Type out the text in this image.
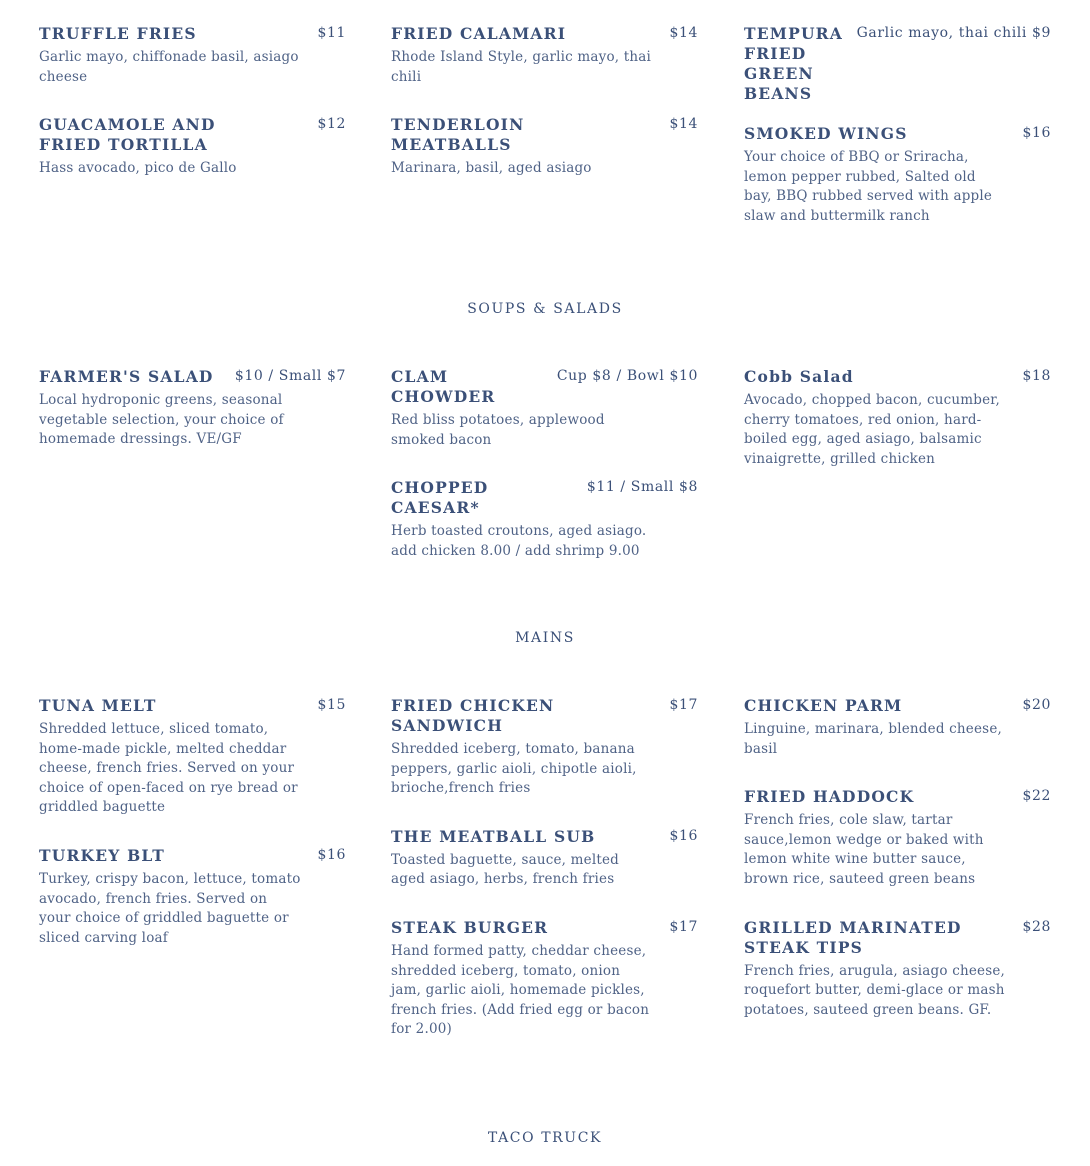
TRUFFLE FRIES	$11
Garlic mayo, chiffonade basil, asiago cheese
GUACAMOLE AND FRIED TORTILLA
$12
Hass avocado, pico de Gallo
FRIED CALAMARI	$14
Rhode Island Style, garlic mayo, thai chili
TENDERLOIN MEATBALLS
$14
Marinara, basil, aged asiago
TEMPURA FRIED GREEN BEANS
Garlic mayo, thai chili $9
SMOKED WINGS	$16
Your choice of BBQ or Sriracha, lemon pepper rubbed, Salted old bay, BBQ rubbed served with apple slaw and buttermilk ranch
SOUPS & SALADS
FARMER'S SALAD	$10 / Small $7
Local hydroponic greens, seasonal vegetable selection, your choice of homemade dressings. VE/GF
CLAM CHOWDER
Cup $8 / Bowl $10
Red bliss potatoes, applewood smoked bacon
CHOPPED CAESAR*
$11 / Small $8
Herb toasted croutons, aged asiago. add chicken 8.00 / add shrimp 9.00
Cobb Salad	$18
Avocado, chopped bacon, cucumber, cherry tomatoes, red onion, hard-boiled egg, aged asiago, balsamic vinaigrette, grilled chicken
MAINS
TUNA MELT	$15
Shredded lettuce, sliced tomato, home-made pickle, melted cheddar cheese, french fries. Served on your choice of open-faced on rye bread or griddled baguette
TURKEY BLT	$16
Turkey, crispy bacon, lettuce, tomato avocado, french fries. Served on your choice of griddled baguette or sliced carving loaf
FRIED CHICKEN SANDWICH
$17
Shredded iceberg, tomato, banana peppers, garlic aioli, chipotle aioli, brioche,french fries
THE MEATBALL SUB	$16
Toasted baguette, sauce, melted aged asiago, herbs, french fries
STEAK BURGER	$17
Hand formed patty, cheddar cheese, shredded iceberg, tomato, onion jam, garlic aioli, homemade pickles, french fries. (Add fried egg or bacon for 2.00)
CHICKEN PARM	$20
Linguine, marinara, blended cheese, basil
FRIED HADDOCK	$22
French fries, cole slaw, tartar sauce,lemon wedge or baked with lemon white wine butter sauce, brown rice, sauteed green beans
GRILLED MARINATED STEAK TIPS
$28
French fries, arugula, asiago cheese, roquefort butter, demi-glace or mash potatoes, sauteed green beans. GF.
TACO TRUCK
